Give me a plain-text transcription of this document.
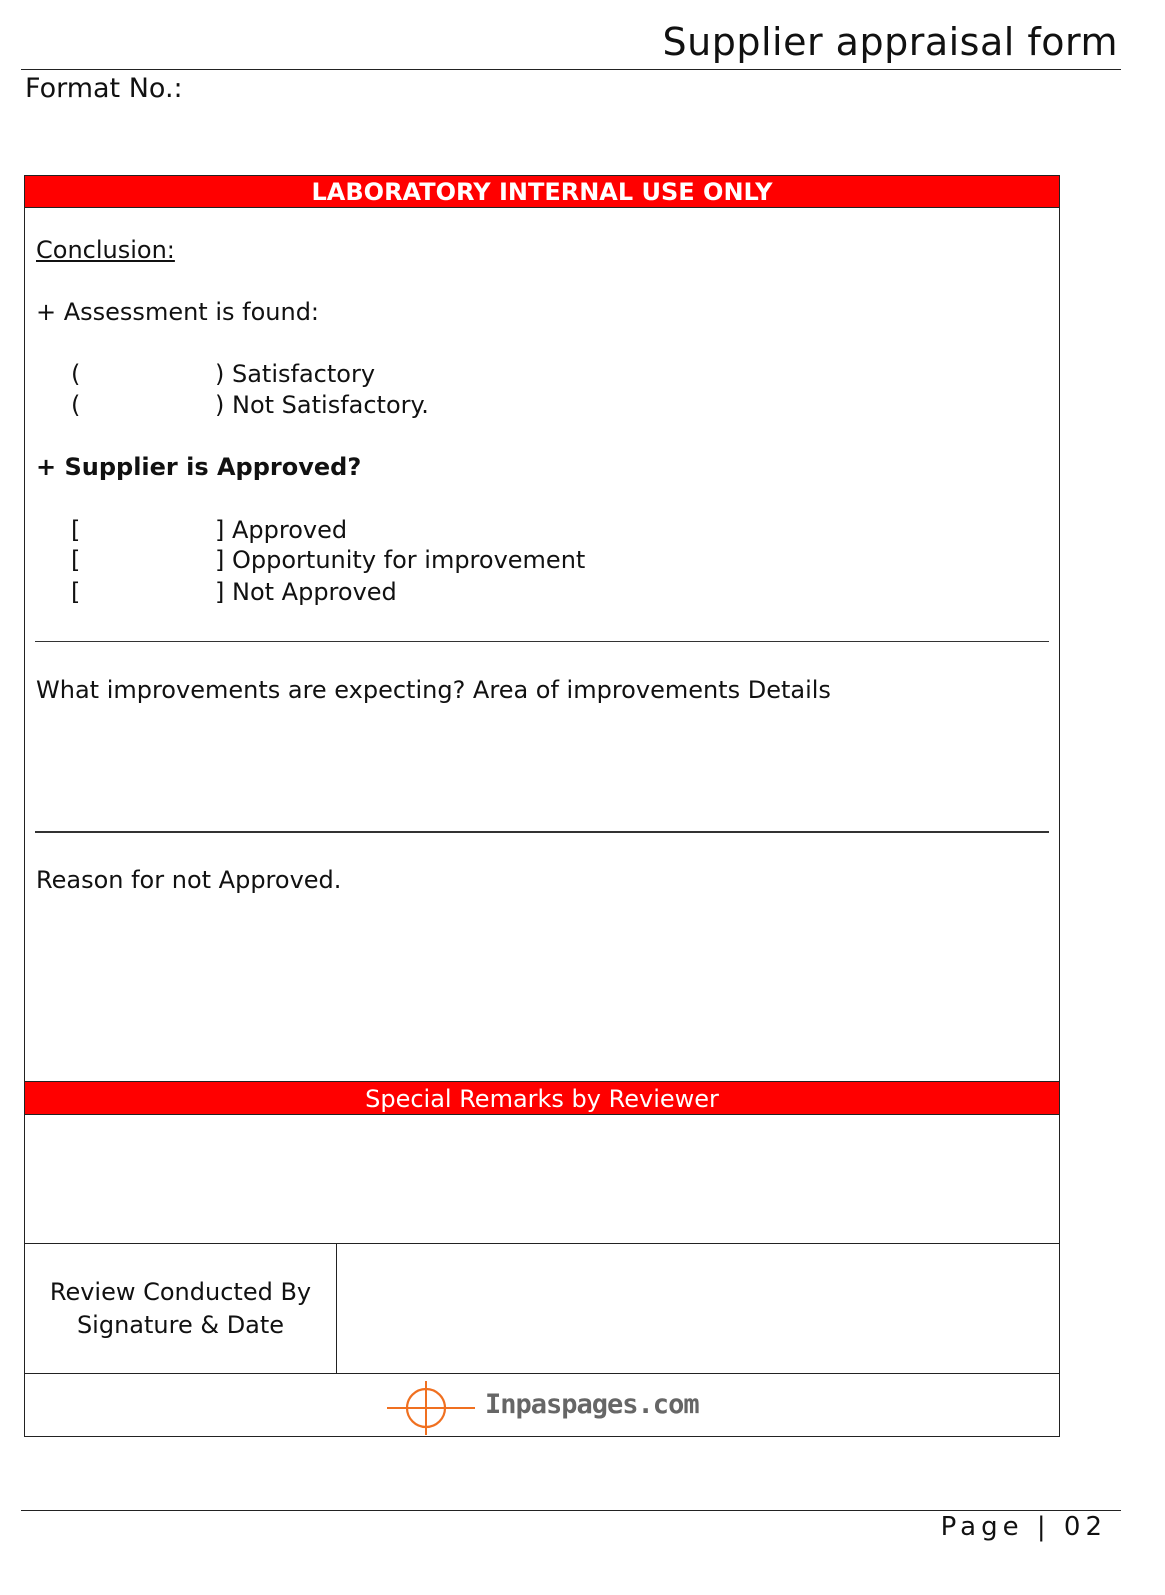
Supplier appraisal form
Format No.:
LABORATORY INTERNAL USE ONLY
Conclusion:
+ Assessment is found:
(	) Satisfactory
(	) Not Satisfactory.
+ Supplier is Approved?
[	] Approved
[	] Opportunity for improvement
[	] Not Approved
What improvements are expecting? Area of improvements Details
Reason for not Approved.
Special Remarks by Reviewer
Review Conducted By
Signature & Date
Inpaspages.com
Page | 02
